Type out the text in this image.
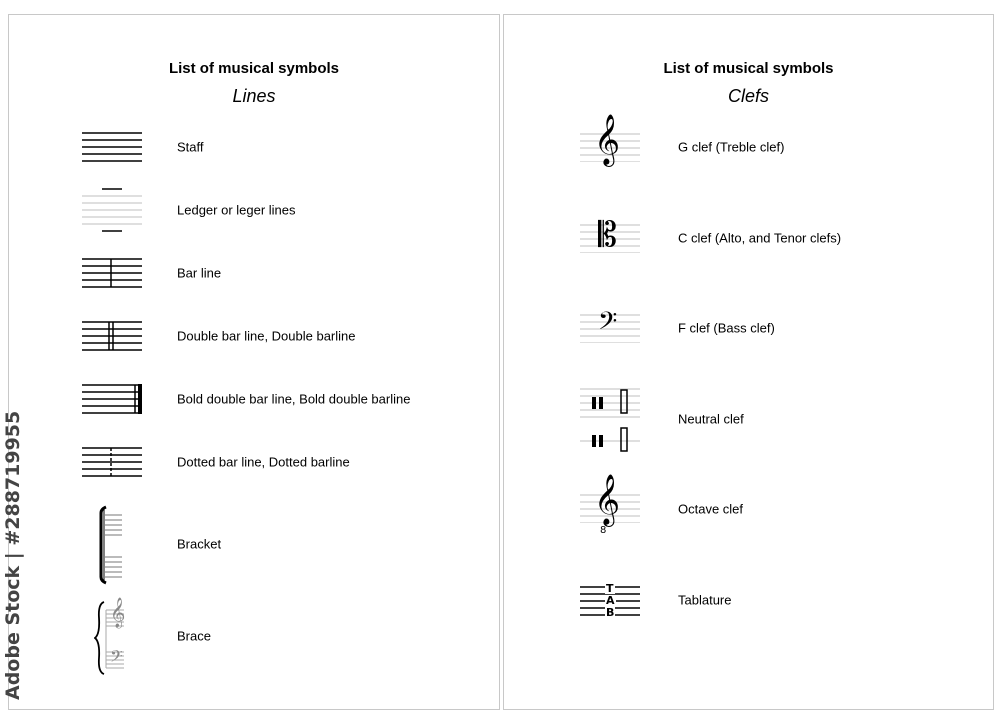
List of musical symbols
Lines
List of musical symbols
Clefs
𝄞
𝄢
Staff
Ledger or leger lines
Bar line
Double bar line, Double barline
Bold double bar line, Bold double barline
Dotted bar line, Dotted barline
Bracket
Brace
𝄞
𝄡
𝄢
𝄞
8
T
A
B
G clef (Treble clef)
C clef (Alto, and Tenor clefs)
F clef (Bass clef)
Neutral clef
Octave clef
Tablature
Adobe Stock | #288719955
